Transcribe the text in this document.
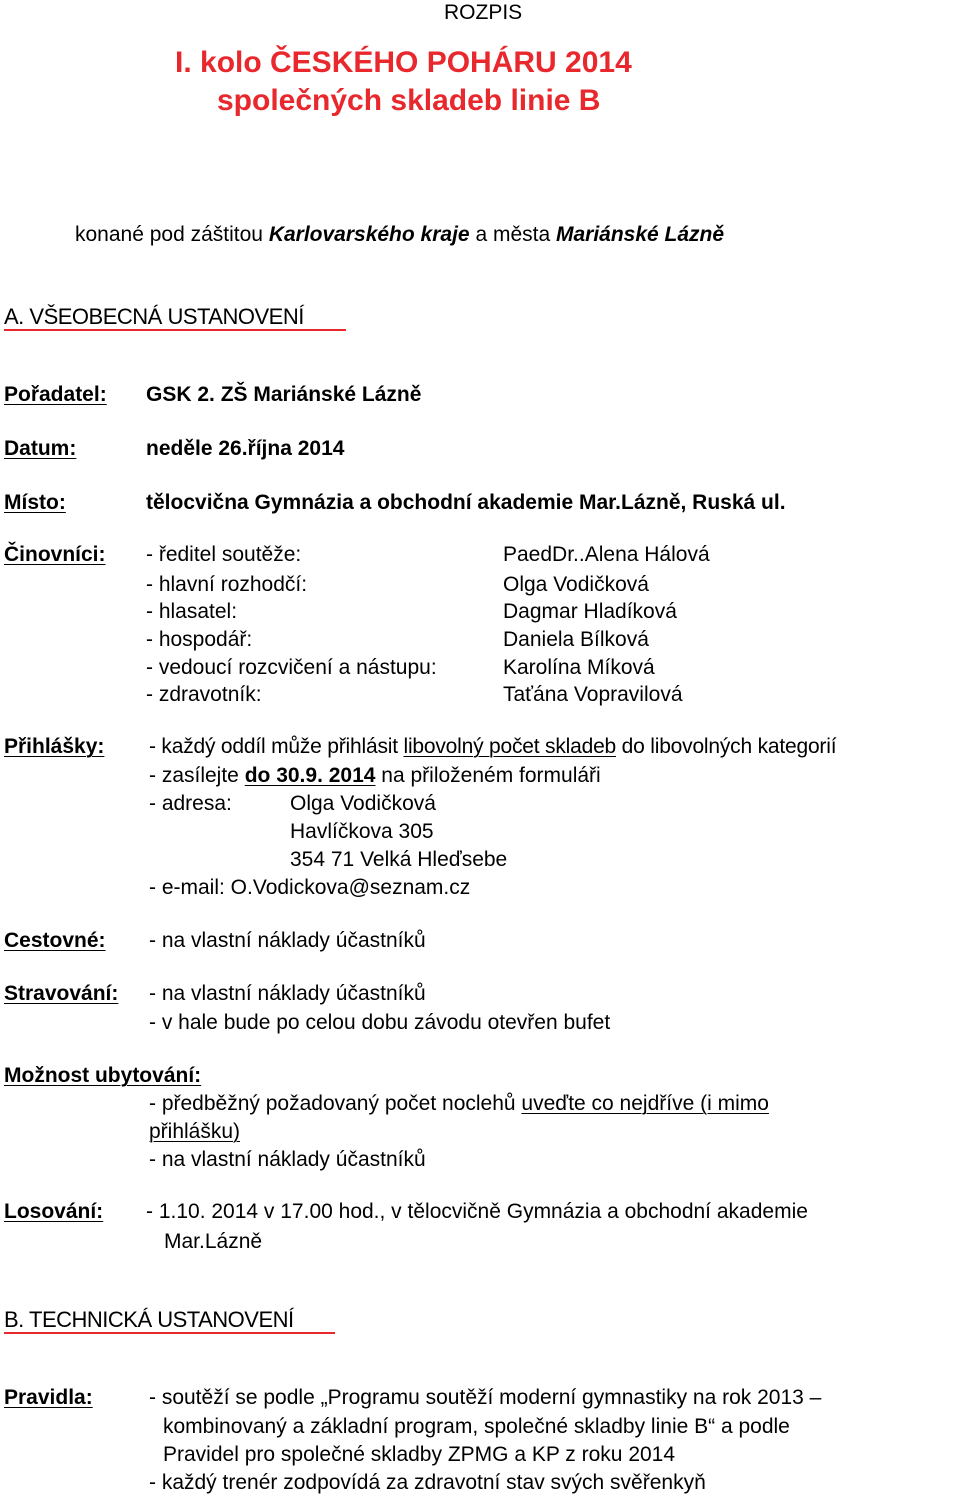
ROZPIS
I. kolo ČESKÉHO POHÁRU 2014
společných skladeb linie B
konané pod záštitou Karlovarského kraje a města Mariánské Lázně
A. VŠEOBECNÁ USTANOVENÍ
Pořadatel: GSK 2. ZŠ Mariánské Lázně
Datum:	neděle 26.října 2014
Místo:	tělocvična Gymnázia a obchodní akademie Mar.Lázně, Ruská ul.
Činovníci: - ředitel soutěže:	PaedDr..Alena Hálová
- hlavní rozhodčí:	Olga Vodičková
- hlasatel:	Dagmar Hladíková
- hospodář:	Daniela Bílková
- vedoucí rozcvičení a nástupu:	Karolína Míková
- zdravotník:	Taťána Vopravilová
Přihlášky: - každý oddíl může přihlásit libovolný počet skladeb do libovolných kategorií
- zasílejte do 30.9. 2014 na přiloženém formuláři
- adresa:	Olga Vodičková
Havlíčkova 305
354 71 Velká Hleďsebe
- e-mail: O.Vodickova@seznam.cz
Cestovné: - na vlastní náklady účastníků
Stravování: - na vlastní náklady účastníků
- v hale bude po celou dobu závodu otevřen bufet
Možnost ubytování:
- předběžný požadovaný počet noclehů uveďte co nejdříve (i mimo
přihlášku)
- na vlastní náklady účastníků
Losování: - 1.10. 2014 v 17.00 hod., v tělocvičně Gymnázia a obchodní akademie
Mar.Lázně
B. TECHNICKÁ USTANOVENÍ
Pravidla:	- soutěží se podle „Programu soutěží moderní gymnastiky na rok 2013 –
kombinovaný a základní program, společné skladby linie B“ a podle
Pravidel pro společné skladby ZPMG a KP z roku 2014
- každý trenér zodpovídá za zdravotní stav svých svěřenkyň
